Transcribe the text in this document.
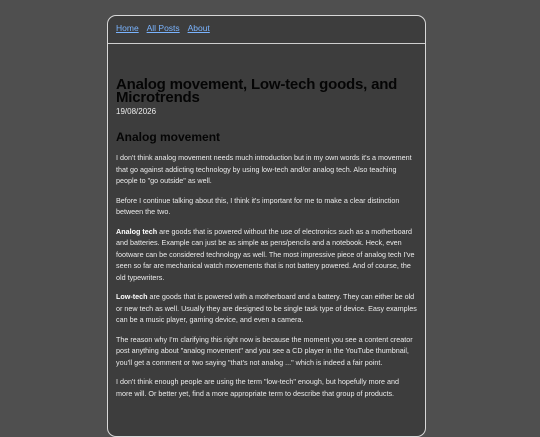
Home All Posts About
Analog movement, Low-tech goods, and Microtrends
19/08/2026
Analog movement

I don't think analog movement needs much introduction but in my own words it's a movement that go against addicting technology by using low-tech and/or analog tech. Also teaching people to "go outside" as well.

Before I continue talking about this, I think it's important for me to make a clear distinction between the two.

Analog tech are goods that is powered without the use of electronics such as a motherboard and batteries. Example can just be as simple as pens/pencils and a notebook. Heck, even footware can be considered technology as well. The most impressive piece of analog tech I've seen so far are mechanical watch movements that is not battery powered. And of course, the old typewriters.

Low-tech are goods that is powered with a motherboard and a battery. They can either be old or new tech as well. Usually they are designed to be single task type of device. Easy examples can be a music player, gaming device, and even a camera.

The reason why I'm clarifying this right now is because the moment you see a content creator post anything about "analog movement" and you see a CD player in the YouTube thumbnail, you'll get a comment or two saying "that's not analog ..." which is indeed a fair point.

I don't think enough people are using the term "low-tech" enough, but hopefully more and more will. Or better yet, find a more appropriate term to describe that group of products.
